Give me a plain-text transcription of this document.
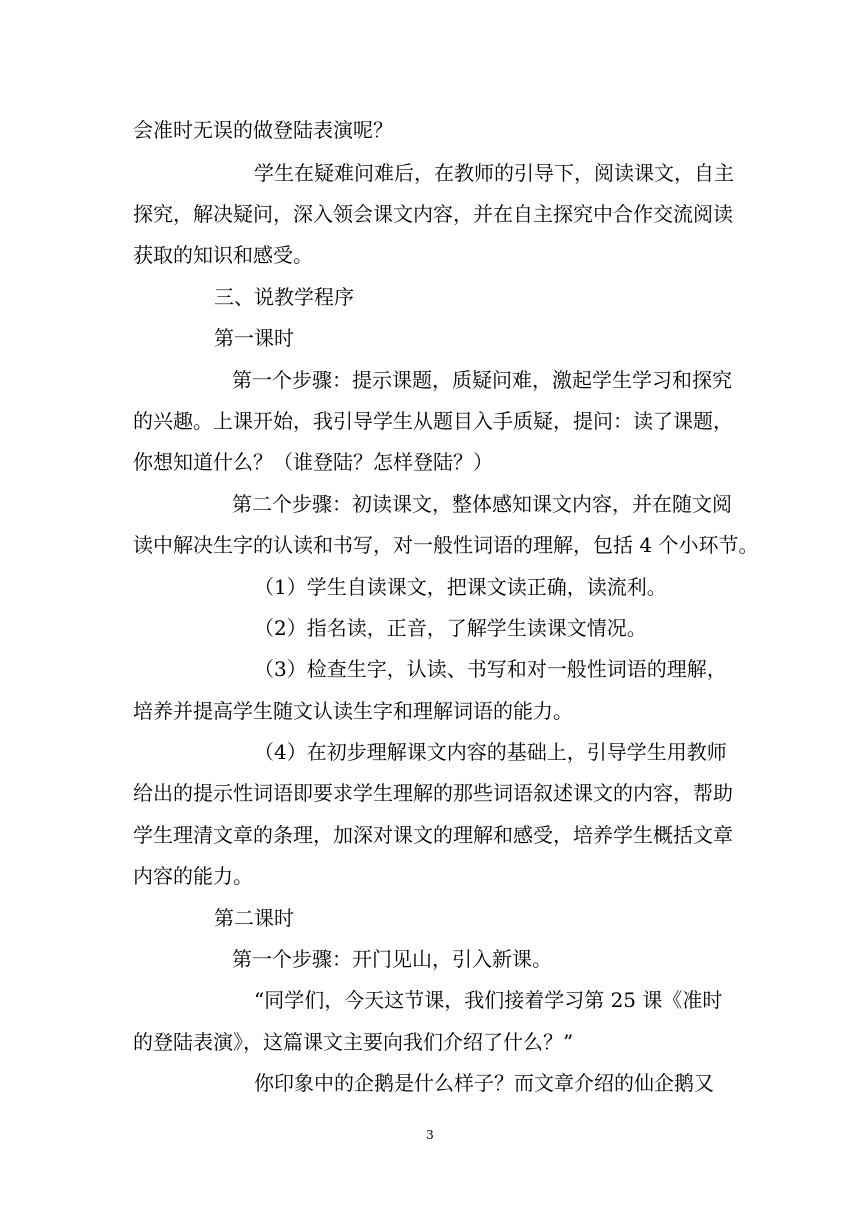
会准时无误的做登陆表演呢？
学生在疑难问难后，在教师的引导下，阅读课文，自主
探究，解决疑问，深入领会课文内容，并在自主探究中合作交流阅读
获取的知识和感受。
三、说教学程序
第一课时
第一个步骤：提示课题，质疑问难，激起学生学习和探究
的兴趣。上课开始，我引导学生从题目入手质疑，提问：读了课题，
你想知道什么？（谁登陆？怎样登陆？）
第二个步骤：初读课文，整体感知课文内容，并在随文阅
读中解决生字的认读和书写，对一般性词语的理解，包括 4 个小环节。
（1）学生自读课文，把课文读正确，读流利。
（2）指名读，正音，了解学生读课文情况。
（3）检查生字，认读、书写和对一般性词语的理解，
培养并提高学生随文认读生字和理解词语的能力。
（4）在初步理解课文内容的基础上，引导学生用教师
给出的提示性词语即要求学生理解的那些词语叙述课文的内容，帮助
学生理清文章的条理，加深对课文的理解和感受，培养学生概括文章
内容的能力。
第二课时
第一个步骤：开门见山，引入新课。
“同学们，今天这节课，我们接着学习第 25 课《准时
的登陆表演》，这篇课文主要向我们介绍了什么？”
你印象中的企鹅是什么样子？而文章介绍的仙企鹅又
3
